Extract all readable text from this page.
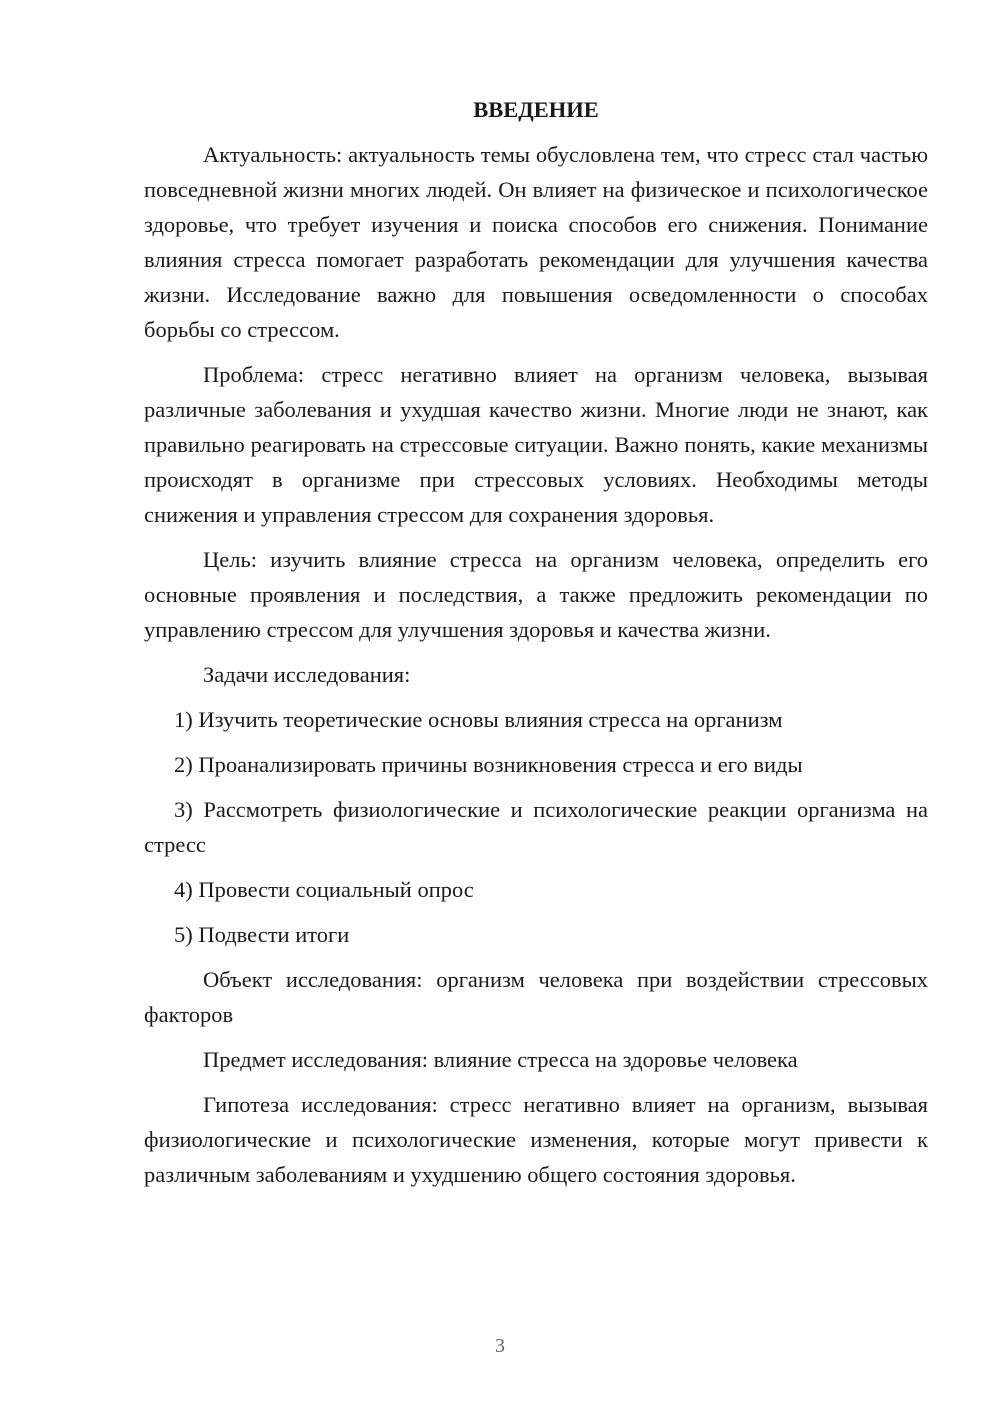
ВВЕДЕНИЕ
Актуальность: актуальность темы обусловлена тем, что стресс стал частью повседневной жизни многих людей. Он влияет на физическое и психологическое здоровье, что требует изучения и поиска способов его снижения. Понимание влияния стресса помогает разработать рекомендации для улучшения качества жизни. Исследование важно для повышения осведомленности о способах борьбы со стрессом.
Проблема: стресс негативно влияет на организм человека, вызывая различные заболевания и ухудшая качество жизни. Многие люди не знают, как правильно реагировать на стрессовые ситуации. Важно понять, какие механизмы происходят в организме при стрессовых условиях. Необходимы методы снижения и управления стрессом для сохранения здоровья.
Цель: изучить влияние стресса на организм человека, определить его основные проявления и последствия, а также предложить рекомендации по управлению стрессом для улучшения здоровья и качества жизни.
Задачи исследования:
1) Изучить теоретические основы влияния стресса на организм
2) Проанализировать причины возникновения стресса и его виды
3) Рассмотреть физиологические и психологические реакции организма на стресс
4) Провести социальный опрос
5) Подвести итоги
Объект исследования: организм человека при воздействии стрессовых факторов
Предмет исследования: влияние стресса на здоровье человека
Гипотеза исследования: стресс негативно влияет на организм, вызывая физиологические и психологические изменения, которые могут привести к различным заболеваниям и ухудшению общего состояния здоровья.
3
